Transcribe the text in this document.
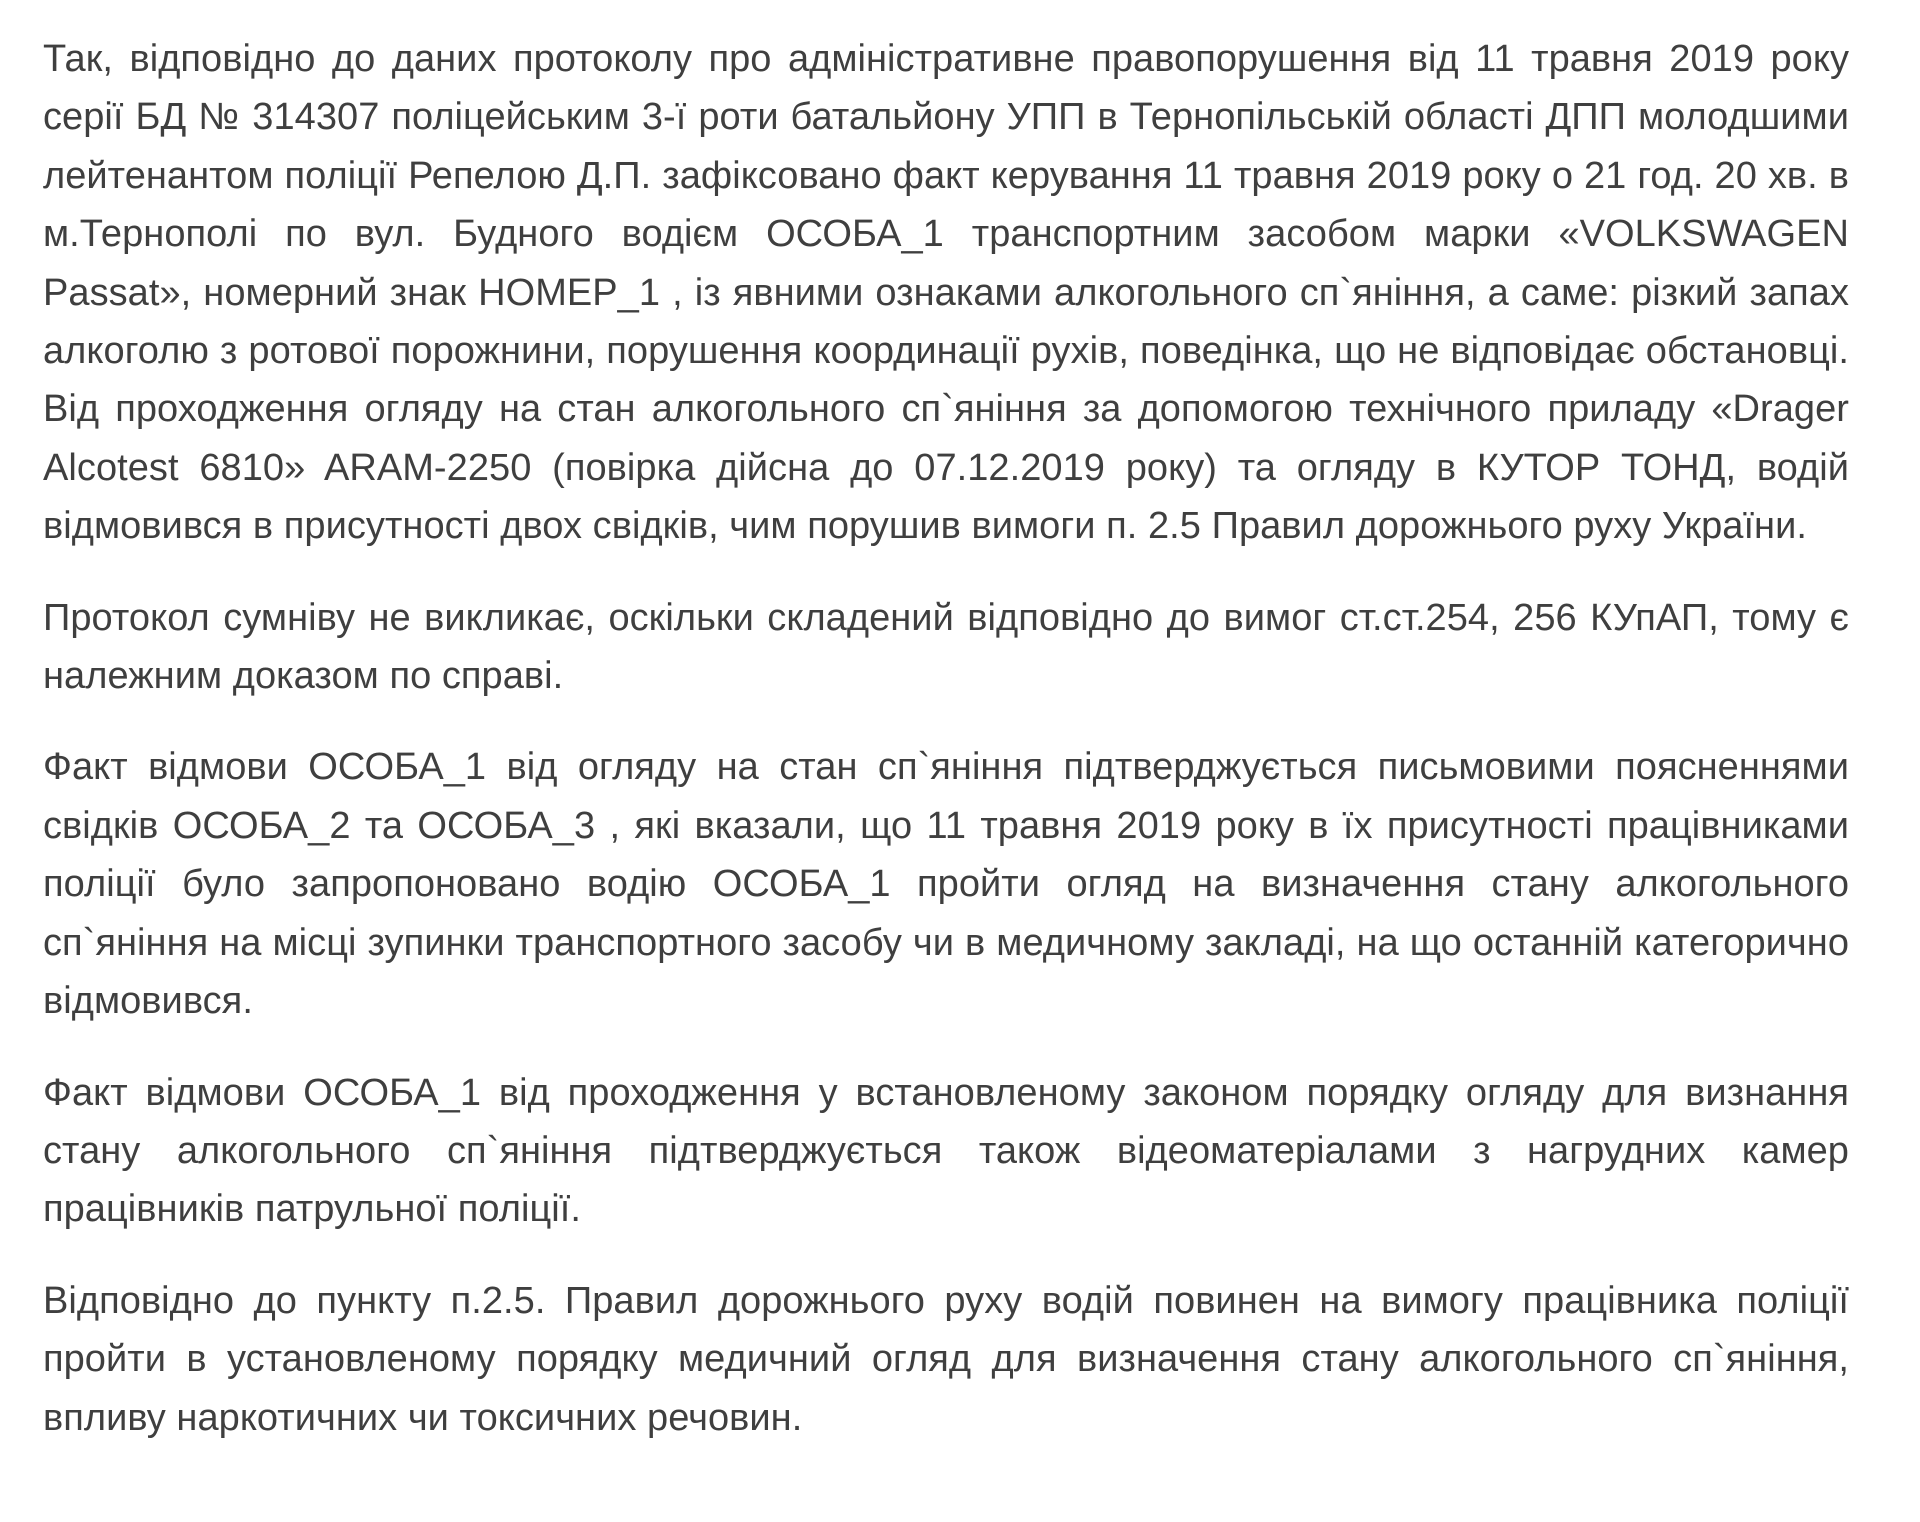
Так, відповідно до даних протоколу про адміністративне правопорушення від 11 травня 2019 року серії БД № 314307 поліцейським 3-ї роти батальйону УПП в Тернопільській області ДПП молодшими лейтенантом поліції Репелою Д.П. зафіксовано факт керування 11 травня 2019 року о 21 год. 20 хв. в м.Тернополі по вул. Будного водієм ОСОБА_1 транспортним засобом марки «VOLKSWAGEN Passat», номерний знак НОМЕР_1 , із явними ознаками алкогольного сп`яніння, а саме: різкий запах алкоголю з ротової порожнини, порушення координації рухів, поведінка, що не відповідає обстановці. Від проходження огляду на стан алкогольного сп`яніння за допомогою технічного приладу «Drager Alcotest 6810» ARAM-2250 (повірка дійсна до 07.12.2019 року) та огляду в КУТОР ТОНД, водій відмовився в присутності двох свідків, чим порушив вимоги п. 2.5 Правил дорожнього руху України.

Протокол сумніву не викликає, оскільки складений відповідно до вимог ст.ст.254, 256 КУпАП, тому є належним доказом по справі.

Факт відмови ОСОБА_1 від огляду на стан сп`яніння підтверджується письмовими поясненнями свідків ОСОБА_2 та ОСОБА_3 , які вказали, що 11 травня 2019 року в їх присутності працівниками поліції було запропоновано водію ОСОБА_1 пройти огляд на визначення стану алкогольного сп`яніння на місці зупинки транспортного засобу чи в медичному закладі, на що останній категорично відмовився.

Факт відмови ОСОБА_1 від проходження у встановленому законом порядку огляду для визнання стану алкогольного сп`яніння підтверджується також відеоматеріалами з нагрудних камер працівників патрульної поліції.

Відповідно до пункту п.2.5. Правил дорожнього руху водій повинен на вимогу працівника поліції пройти в установленому порядку медичний огляд для визначення стану алкогольного сп`яніння, впливу наркотичних чи токсичних речовин.
